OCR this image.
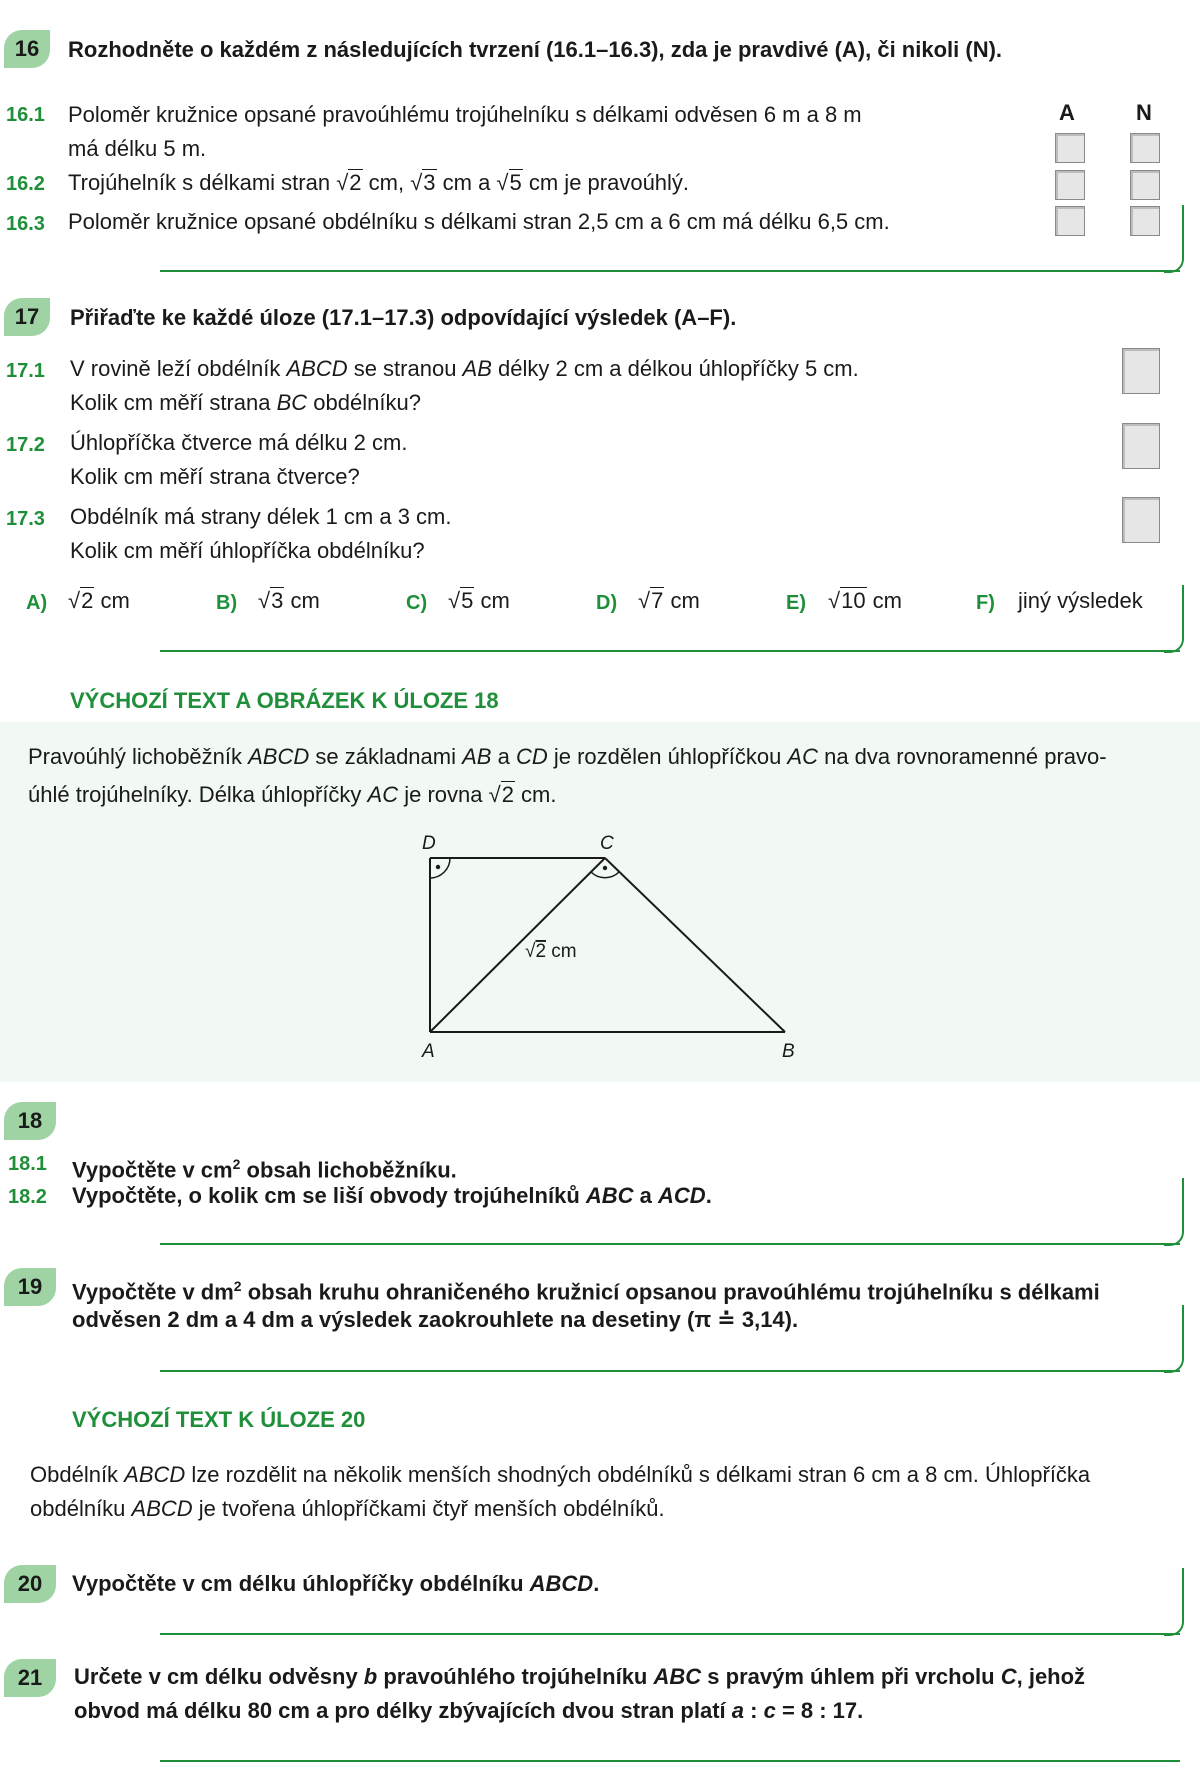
16	Rozhodněte o každém z následujících tvrzení (16.1–16.3), zda je pravdivé (A), či nikoli (N).
A	N
16.1 Poloměr kružnice opsané pravoúhlému trojúhelníku s délkami odvěsen 6 m a 8 m
má délku 5 m.
16.2 Trojúhelník s délkami stran √2 cm, √3 cm a √5 cm je pravoúhlý.
16.3 Poloměr kružnice opsané obdélníku s délkami stran 2,5 cm a 6 cm má délku 6,5 cm.
17	Přiřaďte ke každé úloze (17.1–17.3) odpovídající výsledek (A–F).
17.1 V rovině leží obdélník ABCD se stranou AB délky 2 cm a délkou úhlopříčky 5 cm.
Kolik cm měří strana BC obdélníku?
17.2 Úhlopříčka čtverce má délku 2 cm.
Kolik cm měří strana čtverce?
17.3 Obdélník má strany délek 1 cm a 3 cm.
Kolik cm měří úhlopříčka obdélníku?
A) √2 cm	B) √3 cm	C) √5 cm	D) √7 cm	E) √10 cm	F) jiný výsledek
VÝCHOZÍ TEXT A OBRÁZEK K ÚLOZE 18
Pravoúhlý lichoběžník ABCD se základnami AB a CD je rozdělen úhlopříčkou AC na dva rovnoramenné pravo-
úhlé trojúhelníky. Délka úhlopříčky AC je rovna √2 cm.
D	C
A	B
√2 cm
18
18.1 Vypočtěte v $cm^2$ obsah lichoběžníku.
18.2 Vypočtěte, o kolik cm se liší obvody trojúhelníků ABC a ACD.
19	Vypočtěte v $dm^2$ obsah kruhu ohraničeného kružnicí opsanou pravoúhlému trojúhelníku s délkami
odvěsen 2 dm a 4 dm a výsledek zaokrouhlete na desetiny (π ≐ 3,14).
VÝCHOZÍ TEXT K ÚLOZE 20
Obdélník ABCD lze rozdělit na několik menších shodných obdélníků s délkami stran 6 cm a 8 cm. Úhlopříčka
obdélníku ABCD je tvořena úhlopříčkami čtyř menších obdélníků.
20	Vypočtěte v cm délku úhlopříčky obdélníku ABCD.
21	Určete v cm délku odvěsny b pravoúhlého trojúhelníku ABC s pravým úhlem při vrcholu C, jehož
obvod má délku 80 cm a pro délky zbývajících dvou stran platí a : c = 8 : 17.
